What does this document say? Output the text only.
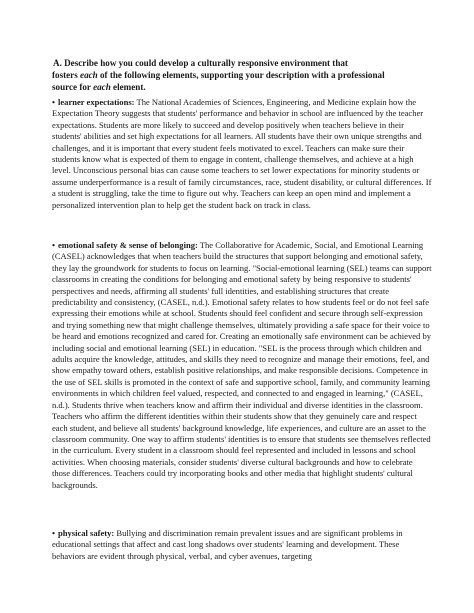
A. Describe how you could develop a culturally responsive environment that
fosters each of the following elements, supporting your description with a professional
source for each element.
• learner expectations: The National Academies of Sciences, Engineering, and Medicine explain how the Expectation Theory suggests that students' performance and behavior in school are influenced by the teacher expectations. Students are more likely to succeed and develop positively when teachers believe in their students' abilities and set high expectations for all learners. All students have their own unique strengths and challenges, and it is important that every student feels motivated to excel. Teachers can make sure their students know what is expected of them to engage in content, challenge themselves, and achieve at a high level. Unconscious personal bias can cause some teachers to set lower expectations for minority students or assume underperformance is a result of family circumstances, race, student disability, or cultural differences. If a student is struggling, take the time to figure out why. Teachers can keep an open mind and implement a personalized intervention plan to help get the student back on track in class.
• emotional safety & sense of belonging: The Collaborative for Academic, Social, and Emotional Learning (CASEL) acknowledges that when teachers build the structures that support belonging and emotional safety, they lay the groundwork for students to focus on learning. "Social-emotional learning (SEL) teams can support classrooms in creating the conditions for belonging and emotional safety by being responsive to students' perspectives and needs, affirming all students' full identities, and establishing structures that create predictability and consistency, (CASEL, n.d.). Emotional safety relates to how students feel or do not feel safe expressing their emotions while at school. Students should feel confident and secure through self-expression and trying something new that might challenge themselves, ultimately providing a safe space for their voice to be heard and emotions recognized and cared for. Creating an emotionally safe environment can be achieved by including social and emotional learning (SEL) in education. "SEL is the process through which children and adults acquire the knowledge, attitudes, and skills they need to recognize and manage their emotions, feel, and show empathy toward others, establish positive relationships, and make responsible decisions. Competence in the use of SEL skills is promoted in the context of safe and supportive school, family, and community learning environments in which children feel valued, respected, and connected to and engaged in learning," (CASEL, n.d.). Students thrive when teachers know and affirm their individual and diverse identities in the classroom. Teachers who affirm the different identities within their students show that they genuinely care and respect each student, and believe all students' background knowledge, life experiences, and culture are an asset to the classroom community. One way to affirm students' identities is to ensure that students see themselves reflected in the curriculum. Every student in a classroom should feel represented and included in lessons and school activities. When choosing materials, consider students' diverse cultural backgrounds and how to celebrate those differences. Teachers could try incorporating books and other media that highlight students' cultural backgrounds.
• physical safety: Bullying and discrimination remain prevalent issues and are significant problems in educational settings that affect and cast long shadows over students' learning and development. These behaviors are evident through physical, verbal, and cyber avenues, targeting
